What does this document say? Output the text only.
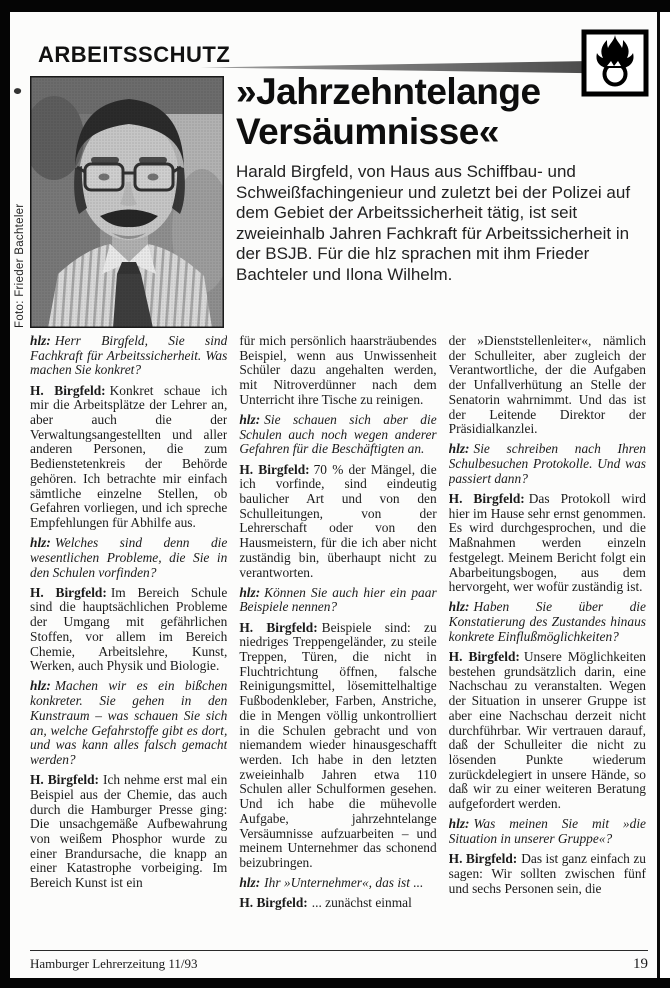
ARBEITSSCHUTZ
Foto: Frieder Bachteler
»Jahrzehntelange Versäumnisse«

Harald Birgfeld, von Haus aus Schiffbau- und Schweißfachingenieur und zuletzt bei der Polizei auf dem Gebiet der Arbeitssicherheit tätig, ist seit zweieinhalb Jahren Fachkraft für Arbeitssicherheit in der BSJB. Für die hlz sprachen mit ihm Frieder Bachteler und Ilona Wilhelm.

hlz: Herr Birgfeld, Sie sind Fachkraft für Arbeitssicherheit. Was machen Sie konkret?

H. Birgfeld: Konkret schaue ich mir die Arbeitsplätze der Lehrer an, aber auch die der Verwaltungsangestellten und aller anderen Personen, die zum Bedienstetenkreis der Behörde gehören. Ich betrachte mir einfach sämtliche einzelne Stellen, ob Gefahren vorliegen, und ich spreche Empfehlungen für Abhilfe aus.

hlz: Welches sind denn die wesentlichen Probleme, die Sie in den Schulen vorfinden?

H. Birgfeld: Im Bereich Schule sind die hauptsächlichen Probleme der Umgang mit gefährlichen Stoffen, vor allem im Bereich Chemie, Arbeitslehre, Kunst, Werken, auch Physik und Biologie.

hlz: Machen wir es ein bißchen konkreter. Sie gehen in den Kunstraum – was schauen Sie sich an, welche Gefahrstoffe gibt es dort, und was kann alles falsch gemacht werden?

H. Birgfeld: Ich nehme erst mal ein Beispiel aus der Chemie, das auch durch die Hamburger Presse ging: Die unsachgemäße Aufbewahrung von weißem Phosphor wurde zu einer Brandursache, die knapp an einer Katastrophe vorbeiging. Im Bereich Kunst ist ein

für mich persönlich haarsträubendes Beispiel, wenn aus Unwissenheit Schüler dazu angehalten werden, mit Nitroverdünner nach dem Unterricht ihre Tische zu reinigen.

hlz: Sie schauen sich aber die Schulen auch noch wegen anderer Gefahren für die Beschäftigten an.

H. Birgfeld: 70 % der Mängel, die ich vorfinde, sind eindeutig baulicher Art und von den Schulleitungen, von der Lehrerschaft oder von den Hausmeistern, für die ich aber nicht zuständig bin, überhaupt nicht zu verantworten.

hlz: Können Sie auch hier ein paar Beispiele nennen?

H. Birgfeld: Beispiele sind: zu niedriges Treppengeländer, zu steile Treppen, Türen, die nicht in Fluchtrichtung öffnen, falsche Reinigungsmittel, lösemittelhaltige Fußbodenkleber, Farben, Anstriche, die in Mengen völlig unkontrolliert in die Schulen gebracht und von niemandem wieder hinausgeschafft werden. Ich habe in den letzten zweieinhalb Jahren etwa 110 Schulen aller Schulformen gesehen. Und ich habe die mühevolle Aufgabe, jahrzehntelange Versäumnisse aufzuarbeiten – und meinem Unternehmer das schonend beizubringen.

hlz: Ihr »Unternehmer«, das ist ...

H. Birgfeld: ... zunächst einmal

der »Dienststellenleiter«, nämlich der Schulleiter, aber zugleich der Verantwortliche, der die Aufgaben der Unfallverhütung an Stelle der Senatorin wahrnimmt. Und das ist der Leitende Direktor der Präsidialkanzlei.

hlz: Sie schreiben nach Ihren Schulbesuchen Protokolle. Und was passiert dann?

H. Birgfeld: Das Protokoll wird hier im Hause sehr ernst genommen. Es wird durchgesprochen, und die Maßnahmen werden einzeln festgelegt. Meinem Bericht folgt ein Abarbeitungsbogen, aus dem hervorgeht, wer wofür zuständig ist.

hlz: Haben Sie über die Konstatierung des Zustandes hinaus konkrete Einflußmöglichkeiten?

H. Birgfeld: Unsere Möglichkeiten bestehen grundsätzlich darin, eine Nachschau zu veranstalten. Wegen der Situation in unserer Gruppe ist aber eine Nachschau derzeit nicht durchführbar. Wir vertrauen darauf, daß der Schulleiter die nicht zu lösenden Punkte wiederum zurückdelegiert in unsere Hände, so daß wir zu einer weiteren Beratung aufgefordert werden.

hlz: Was meinen Sie mit »die Situation in unserer Gruppe«?

H. Birgfeld: Das ist ganz einfach zu sagen: Wir sollten zwischen fünf und sechs Personen sein, die

Hamburger Lehrerzeitung 11/93	19
